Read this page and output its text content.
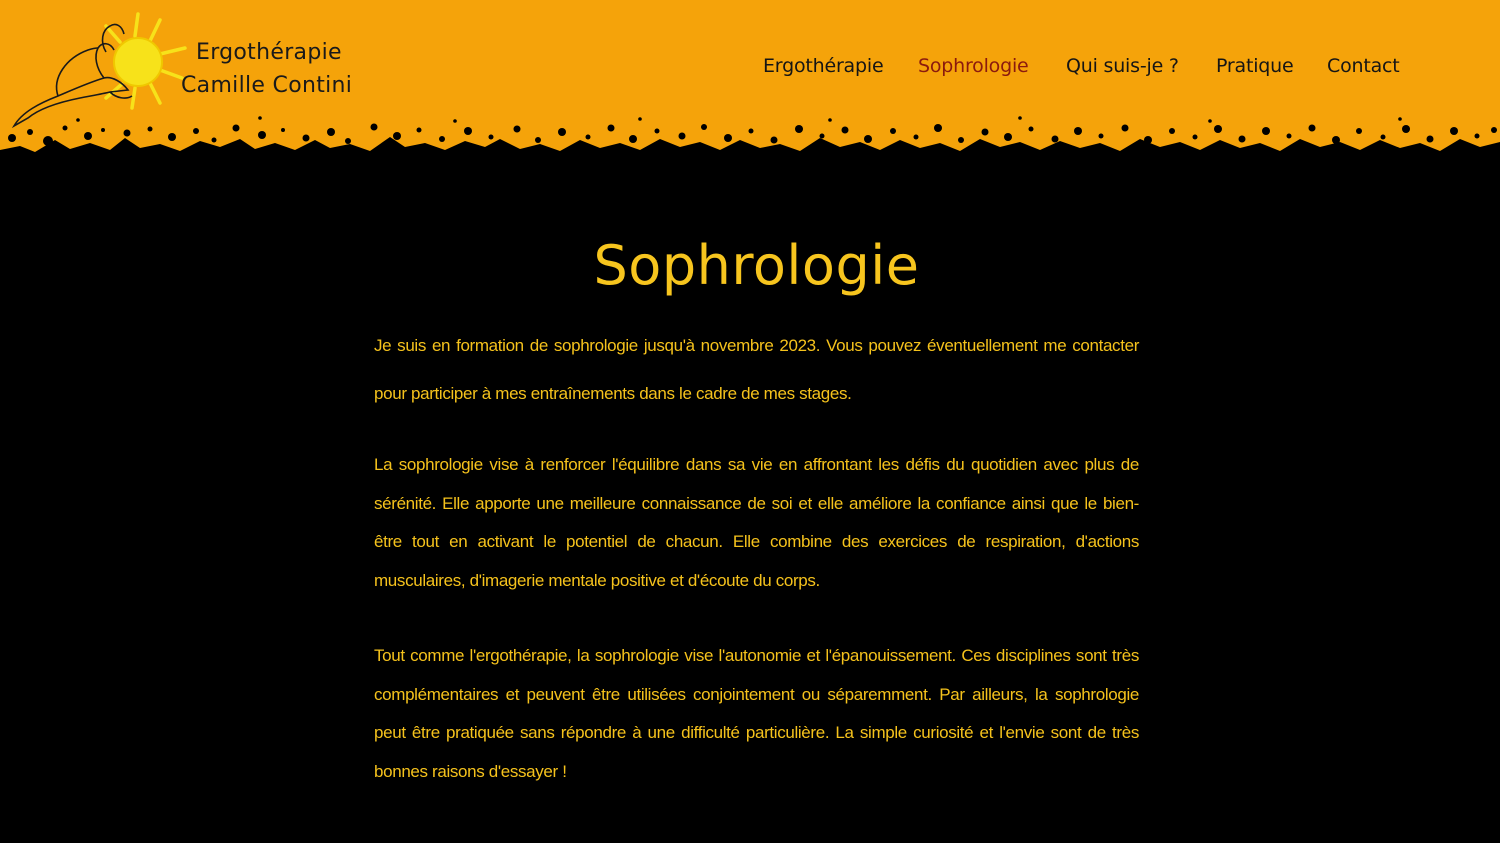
Ergothérapie
Camille Contini
Ergothérapie Sophrologie Qui suis-je ? Pratique Contact
Sophrologie

Je suis en formation de sophrologie jusqu'à novembre 2023. Vous pouvez éventuellement me contacter pour participer à mes entraînements dans le cadre de mes stages.

La sophrologie vise à renforcer l'équilibre dans sa vie en affrontant les défis du quotidien avec plus de sérénité. Elle apporte une meilleure connaissance de soi et elle améliore la confiance ainsi que le bien-être tout en activant le potentiel de chacun. Elle combine des exercices de respiration, d'actions musculaires, d'imagerie mentale positive et d'écoute du corps.

Tout comme l'ergothérapie, la sophrologie vise l'autonomie et l'épanouissement. Ces disciplines sont très complémentaires et peuvent être utilisées conjointement ou séparemment. Par ailleurs, la sophrologie peut être pratiquée sans répondre à une difficulté particulière. La simple curiosité et l'envie sont de très bonnes raisons d'essayer !
